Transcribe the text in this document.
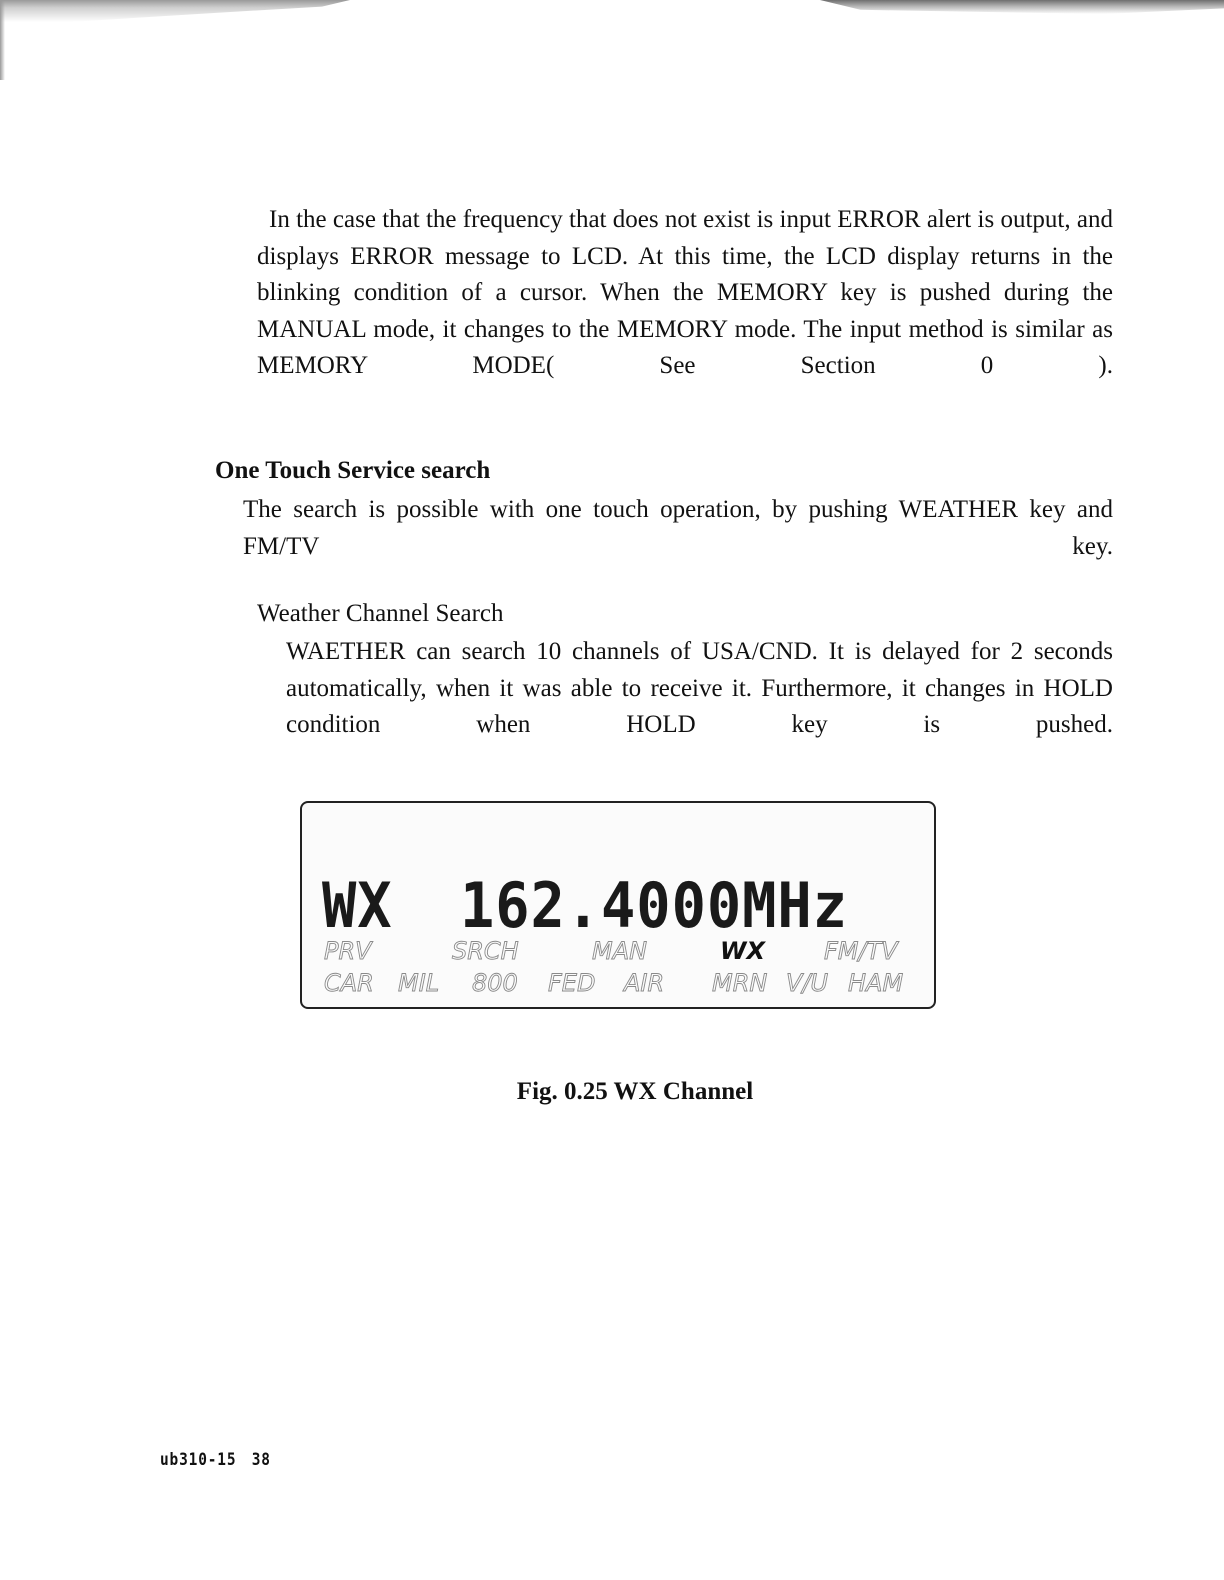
In the case that the frequency that does not exist is input ERROR alert is output, and displays ERROR message to LCD. At this time, the LCD display returns in the blinking condition of a cursor. When the MEMORY key is pushed during the MANUAL mode, it changes to the MEMORY mode. The input method is similar as MEMORY MODE( See Section 0 ).

One Touch Service search

The search is possible with one touch operation, by pushing WEATHER key and FM/TV key.

Weather Channel Search

WAETHER can search 10 channels of USA/CND. It is delayed for 2 seconds automatically, when it was able to receive it. Furthermore, it changes in HOLD condition when HOLD key is pushed.

WX	162.4000 MHz
PRV	SRCH	MAN	WX FM/TV
CAR MIL 800 FED AIR MRN V/U HAM

Fig. 0.25 WX Channel

ub310-15 38
